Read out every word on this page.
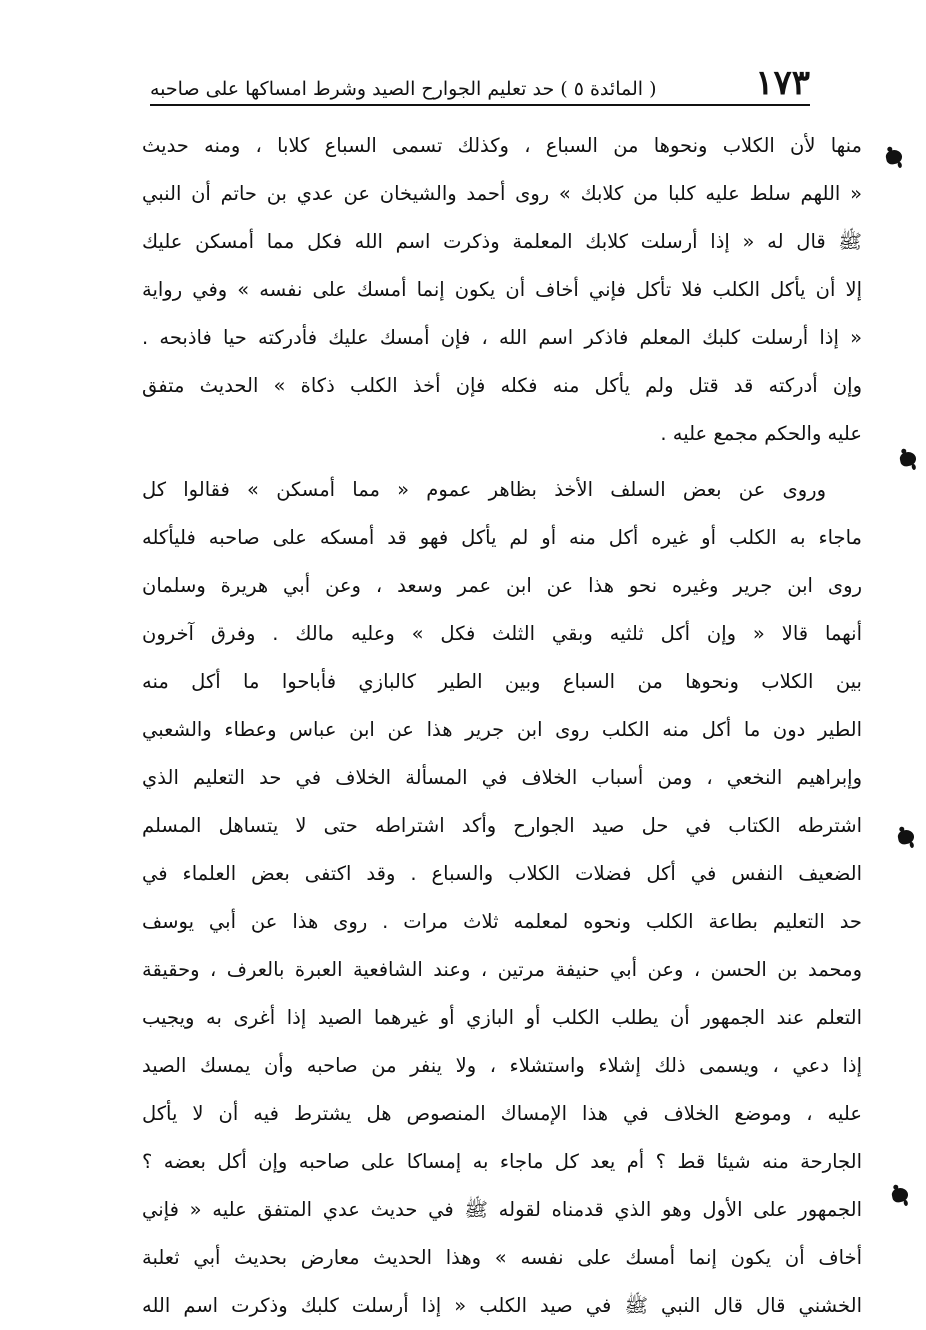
١٧٣
( المائدة ٥ ) حد تعليم الجوارح الصيد وشرط امساكها على صاحبه
منها لأن الكلاب ونحوها من السباع ، وكذلك تسمى السباع كلابا ، ومنه حديث
« اللهم سلط عليه كلبا من كلابك » روى أحمد والشيخان عن عدي بن حاتم أن النبي
ﷺ قال له « إذا أرسلت كلابك المعلمة وذكرت اسم الله فكل مما أمسكن عليك
إلا أن يأكل الكلب فلا تأكل فإني أخاف أن يكون إنما أمسك على نفسه » وفي رواية
« إذا أرسلت كلبك المعلم فاذكر اسم الله ، فإن أمسك عليك فأدركته حيا فاذبحه .
وإن أدركته قد قتل ولم يأكل منه فكله فإن أخذ الكلب ذكاة » الحديث متفق
عليه والحكم مجمع عليه .
وروى عن بعض السلف الأخذ بظاهر عموم « مما أمسكن » فقالوا كل
ماجاء به الكلب أو غيره أكل منه أو لم يأكل فهو قد أمسكه على صاحبه فليأكله
روى ابن جرير وغيره نحو هذا عن ابن عمر وسعد ، وعن أبي هريرة وسلمان
أنهما قالا « وإن أكل ثلثيه وبقي الثلث فكل » وعليه مالك . وفرق آخرون
بين الكلاب ونحوها من السباع وبين الطير كالبازي فأباحوا ما أكل منه
الطير دون ما أكل منه الكلب روى ابن جرير هذا عن ابن عباس وعطاء والشعبي
وإبراهيم النخعي ، ومن أسباب الخلاف في المسألة الخلاف في حد التعليم الذي
اشترطه الكتاب في حل صيد الجوارح وأكد اشتراطه حتى لا يتساهل المسلم
الضعيف النفس في أكل فضلات الكلاب والسباع . وقد اكتفى بعض العلماء في
حد التعليم بطاعة الكلب ونحوه لمعلمه ثلاث مرات . روى هذا عن أبي يوسف
ومحمد بن الحسن ، وعن أبي حنيفة مرتين ، وعند الشافعية العبرة بالعرف ، وحقيقة
التعلم عند الجمهور أن يطلب الكلب أو البازي أو غيرهما الصيد إذا أغرى به ويجيب
إذا دعي ، ويسمى ذلك إشلاء واستشلاء ، ولا ينفر من صاحبه وأن يمسك الصيد
عليه ، وموضع الخلاف في هذا الإمساك المنصوص هل يشترط فيه أن لا يأكل
الجارحة منه شيئا قط ؟ أم يعد كل ماجاء به إمساكا على صاحبه وإن أكل بعضه ؟
الجمهور على الأول وهو الذي قدمناه لقوله ﷺ في حديث عدي المتفق عليه « فإني
أخاف أن يكون إنما أمسك على نفسه » وهذا الحديث معارض بحديث أبي ثعلبة
الخشني قال قال النبي ﷺ في صيد الكلب « إذا أرسلت كلبك وذكرت اسم الله
